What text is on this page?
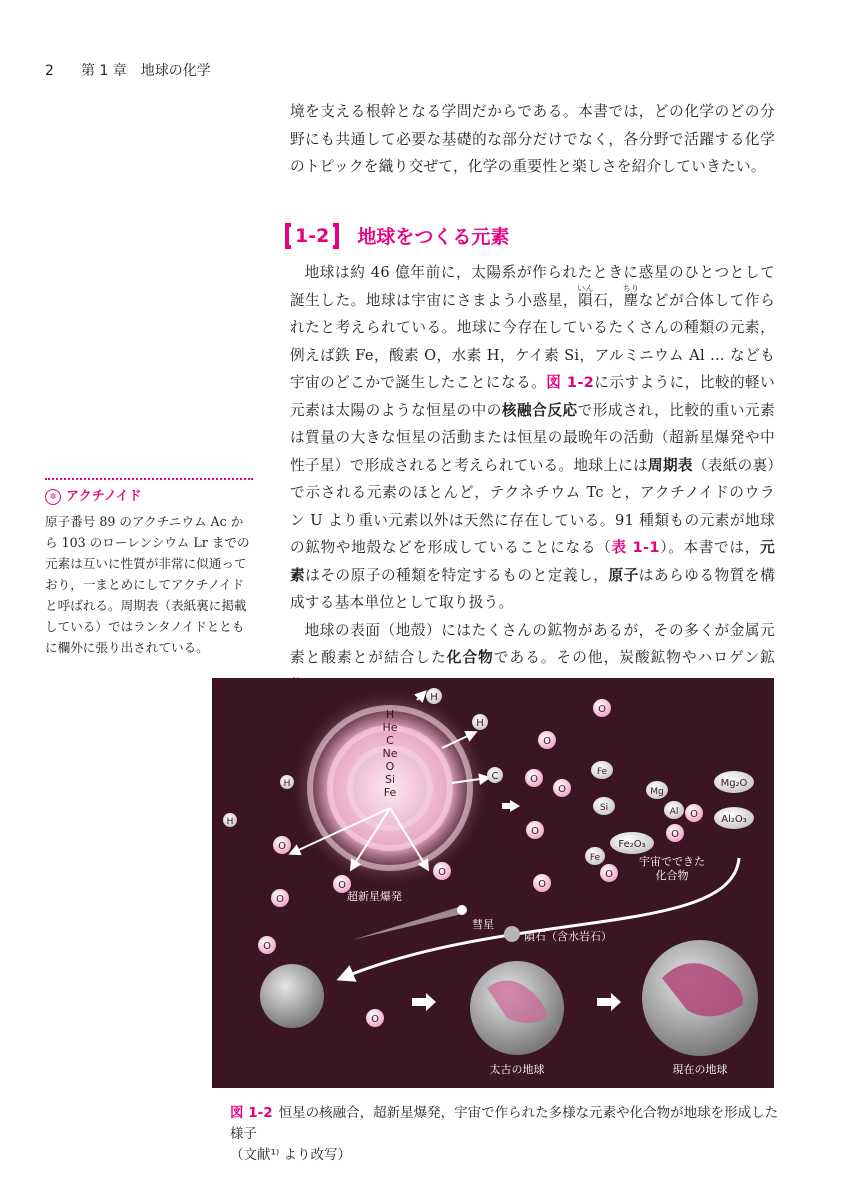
2 第 1 章　地球の化学

境を支える根幹となる学問だからである。本書では，どの化学のどの分野にも共通して必要な基礎的な部分だけでなく，各分野で活躍する化学のトピックを織り交ぜて，化学の重要性と楽しさを紹介していきたい。

1-2	地球をつくる元素

地球は約 46 億年前に，太陽系が作られたときに惑星のひとつとして誕生した。地球は宇宙にさまよう小惑星，隕いん石，塵ちりなどが合体して作られたと考えられている。地球に今存在しているたくさんの種類の元素，例えば鉄 Fe，酸素 O，水素 H，ケイ素 Si，アルミニウム Al … なども宇宙のどこかで誕生したことになる。図 1-2に示すように，比較的軽い元素は太陽のような恒星の中の核融合反応で形成され，比較的重い元素は質量の大きな恒星の活動または恒星の最晩年の活動（超新星爆発や中性子星）で形成されると考えられている。地球上には周期表（表紙の裏）で示される元素のほとんど，テクネチウム Tc と，アクチノイドのウラン U より重い元素以外は天然に存在している。91 種類もの元素が地球の鉱物や地殻などを形成していることになる（表 1-1）。本書では，元素はその原子の種類を特定するものと定義し，原子はあらゆる物質を構成する基本単位として取り扱う。

地球の表面（地殻）にはたくさんの鉱物があるが，その多くが金属元素と酸素とが結合した化合物である。その他，炭酸鉱物やハロゲン鉱

✲ アクチノイド
原子番号 89 のアクチニウム Ac から 103 のローレンシウム Lr までの元素は互いに性質が非常に似通っており，一まとめにしてアクチノイドと呼ばれる。周期表（表紙裏に掲載している）ではランタノイドとともに欄外に張り出されている。
H
He
C
Ne
O
Si
Fe
H
H
C
H
H
O
O
O
O
O
O
O
O
O
O
O
O
O
O
O
Fe
Mg
Si	Al
Mg₂O
Al₂O₃
Fe₂O₃
Fe	宇宙でできた化合物
彗星
隕石（含水岩石）
超新星爆発
太古の地球	現在の地球
図 1-2 恒星の核融合，超新星爆発，宇宙で作られた多様な元素や化合物が地球を形成した様子
（文献¹⁾ より改写）
